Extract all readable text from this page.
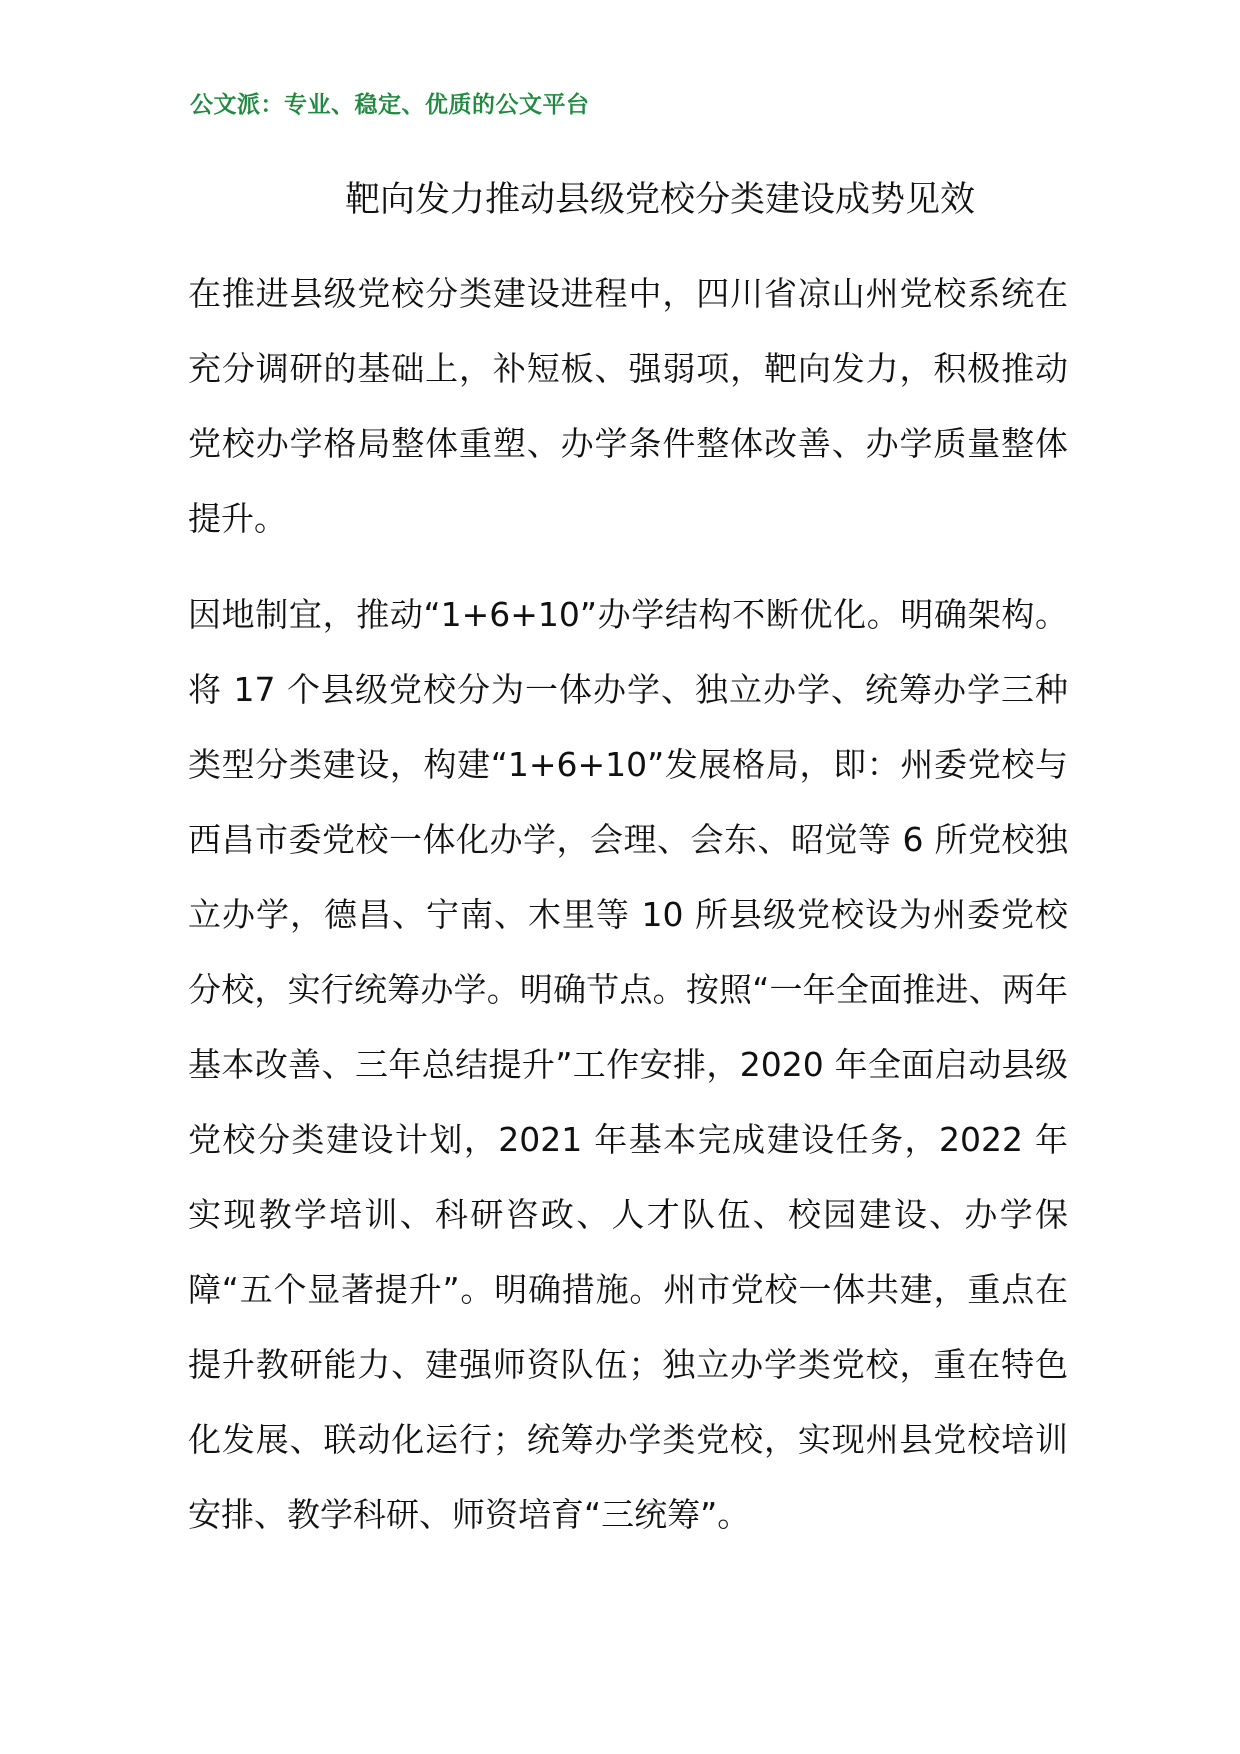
公文派：专业、稳定、优质的公文平台
靶向发力推动县级党校分类建设成势见效

在推进县级党校分类建设进程中，四川省凉山州党校系统在充分调研的基础上，补短板、强弱项，靶向发力，积极推动党校办学格局整体重塑、办学条件整体改善、办学质量整体提升。

因地制宜，推动“1+6+10”办学结构不断优化。明确架构。将 17 个县级党校分为一体办学、独立办学、统筹办学三种类型分类建设，构建“1+6+10”发展格局，即：州委党校与西昌市委党校一体化办学，会理、会东、昭觉等 6 所党校独立办学，德昌、宁南、木里等 10 所县级党校设为州委党校分校，实行统筹办学。明确节点。按照“一年全面推进、两年基本改善、三年总结提升”工作安排，2020 年全面启动县级党校分类建设计划，2021 年基本完成建设任务，2022 年实现教学培训、科研咨政、人才队伍、校园建设、办学保障“五个显著提升”。明确措施。州市党校一体共建，重点在提升教研能力、建强师资队伍；独立办学类党校，重在特色化发展、联动化运行；统筹办学类党校，实现州县党校培训安排、教学科研、师资培育“三统筹”。
